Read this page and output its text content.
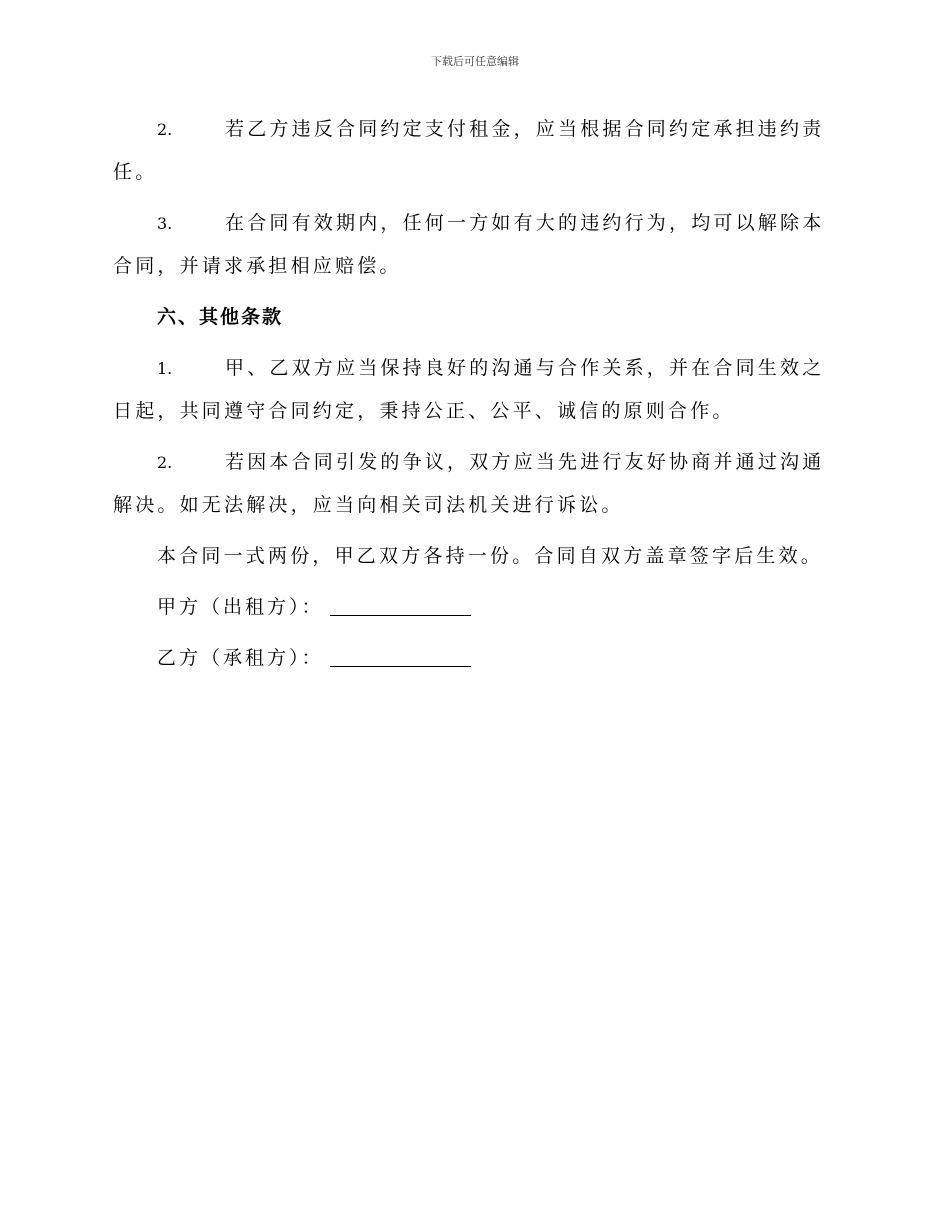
下载后可任意编辑

2.	若乙方违反合同约定支付租金，应当根据合同约定承担违约责任。

3.	在合同有效期内，任何一方如有大的违约行为，均可以解除本合同，并请求承担相应赔偿。

六、其他条款

1.	甲、乙双方应当保持良好的沟通与合作关系，并在合同生效之日起，共同遵守合同约定，秉持公正、公平、诚信的原则合作。

2.	若因本合同引发的争议，双方应当先进行友好协商并通过沟通解决。如无法解决，应当向相关司法机关进行诉讼。

本合同一式两份，甲乙双方各持一份。合同自双方盖章签字后生效。

甲方（出租方）：

乙方（承租方）：
